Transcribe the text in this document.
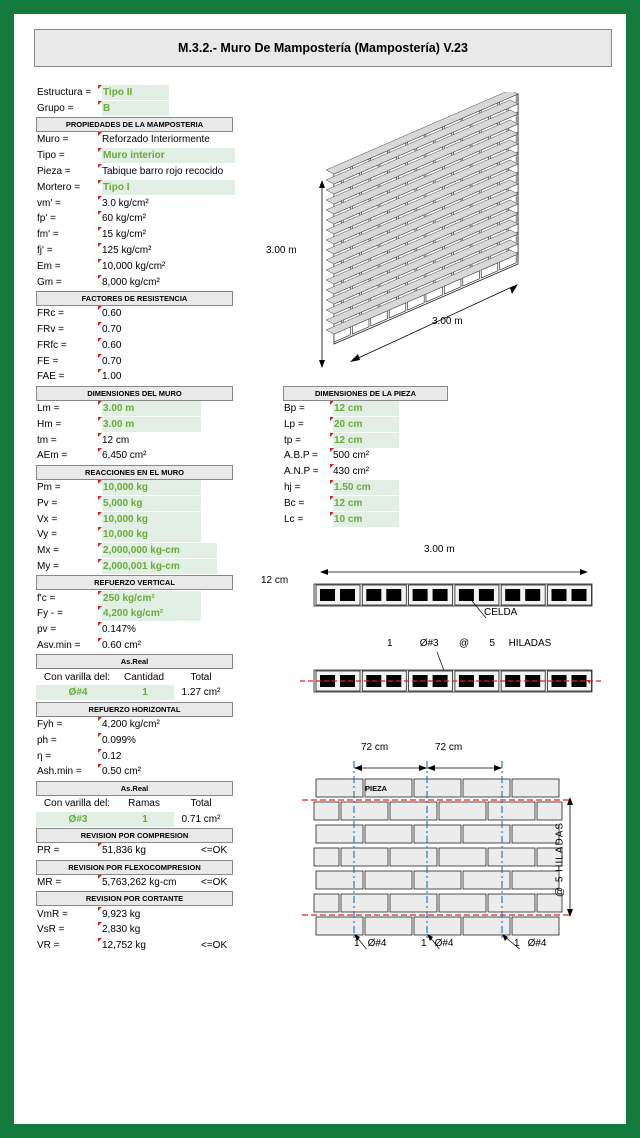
M.3.2.- Muro De Mampostería (Mampostería) V.23
Estructura = Tipo II
Grupo =	B
PROPIEDADES DE LA MAMPOSTERIA
Muro =	Reforzado Interiormente
Tipo =	Muro interior
Pieza =	Tabique barro rojo recocido
Mortero = Tipo I
vm' =	3.0 kg/cm²
fp' =	60 kg/cm²
fm' =	15 kg/cm²
fj' =	125 kg/cm²
Em =	10,000 kg/cm²
Gm =	8,000 kg/cm²
FACTORES DE RESISTENCIA
FRc =	0.60
FRv =	0.70
FRfc =	0.60
FE =	0.70
FAE =	1.00
DIMENSIONES DEL MURO
Lm =	3.00 m
Hm =	3.00 m
tm =	12 cm
AEm =	6,450 cm²
REACCIONES EN EL MURO
Pm =	10,000 kg
Pv =	5,000 kg
Vx =	10,000 kg
Vy =	10,000 kg
Mx =	2,000,000 kg-cm
My =	2,000,001 kg-cm
REFUERZO VERTICAL
f'c =	250 kg/cm²
Fy - =	4,200 kg/cm²
pv =	0.147%
Asv.min = 0.60 cm²
As.Real
Con varilla del:	Cantidad	Total
Ø#4	1	1.27 cm²
REFUERZO HORIZONTAL
Fyh =	4,200 kg/cm²
ph =	0.099%
η =	0.12
Ash.min = 0.50 cm²
As.Real
Con varilla del:	Ramas	Total
Ø#3	1	0.71 cm²
REVISION POR COMPRESION
PR =	51,836 kg	<=OK
REVISION POR FLEXOCOMPRESION
MR =	5,763,262 kg-cm <=OK
REVISION POR CORTANTE
VmR =	9,923 kg
VsR =	2,830 kg
VR =	12,752 kg	<=OK
DIMENSIONES DE LA PIEZA
Bp =	12 cm
Lp =	20 cm
tp =	12 cm
A.B.P = 500 cm²
A.N.P = 430 cm²
hj =	1.50 cm
Bc =	12 cm
Lc =	10 cm
3.00 m
3.00 m
3.00 m
12 cm
CELDA
1	Ø#3 @ 5 HILADAS
72 cm	72 cm
PIEZA
@ 5 HILADAS
1 Ø#4	1 Ø#4	1 Ø#4
